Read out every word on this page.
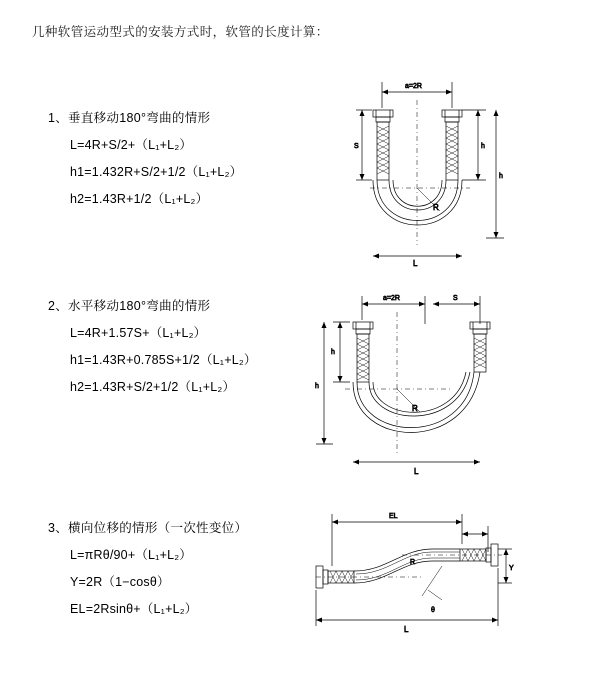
几种软管运动型式的安装方式时，软管的长度计算：

1、垂直移动180°弯曲的情形

L=4R+S/2+（L₁+L₂）

h1=1.432R+S/2+1/2（L₁+L₂）

h2=1.43R+1/2（L₁+L₂）

a=2R
R
h
h
S
L

2、水平移动180°弯曲的情形

L=4R+1.57S+（L₁+L₂）

h1=1.43R+0.785S+1/2（L₁+L₂）

h2=1.43R+S/2+1/2（L₁+L₂）

a=2R	S
R
h
h
L

3、横向位移的情形（一次性变位）

L=πRθ/90+（L₁+L₂）

Y=2R（1−cosθ）

EL=2Rsinθ+（L₁+L₂）

EL
θ
R
Y
L
